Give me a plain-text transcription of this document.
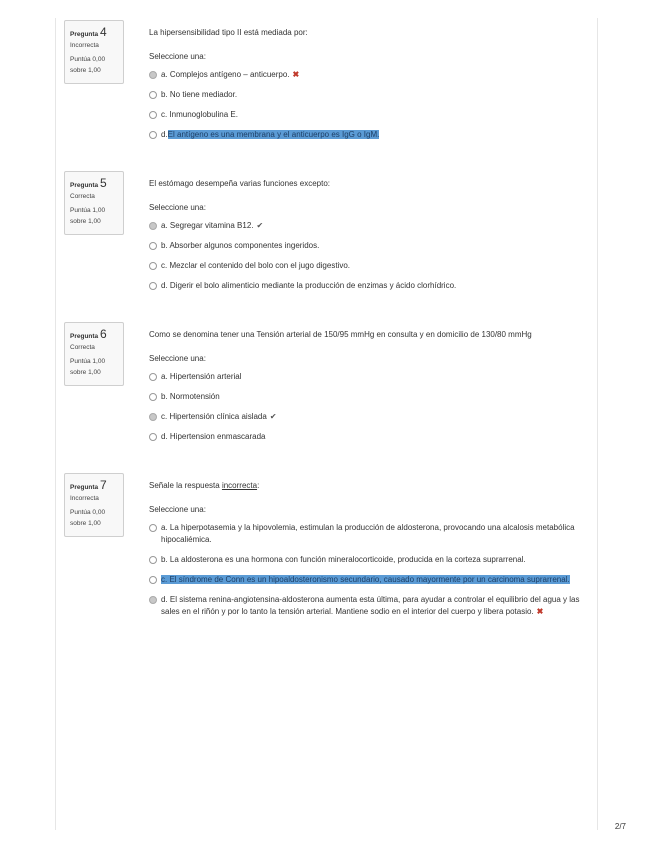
Pregunta 4
Incorrecta
Puntúa 0,00
sobre 1,00
La hipersensibilidad tipo II está mediada por:
Seleccione una:
a. Complejos antígeno – anticuerpo. ✖
b. No tiene mediador.
c. Inmunoglobulina E.
d.El antígeno es una membrana y el anticuerpo es IgG o IgM.
Pregunta 5
Correcta
Puntúa 1,00
sobre 1,00
El estómago desempeña varias funciones excepto:
Seleccione una:
a. Segregar vitamina B12. ✔
b. Absorber algunos componentes ingeridos.
c. Mezclar el contenido del bolo con el jugo digestivo.
d. Digerir el bolo alimenticio mediante la producción de enzimas y ácido clorhídrico.
Pregunta 6
Correcta
Puntúa 1,00
sobre 1,00
Como se denomina tener una Tensión arterial de 150/95 mmHg en consulta y en domicilio de 130/80 mmHg
Seleccione una:
a. Hipertensión arterial
b. Normotensión
c. Hipertensión clínica aislada ✔
d. Hipertension enmascarada
Pregunta 7
Incorrecta
Puntúa 0,00
sobre 1,00
Señale la respuesta incorrecta:
Seleccione una:
a. La hiperpotasemia y la hipovolemia, estimulan la producción de aldosterona, provocando una alcalosis metabólica hipocaliémica.
b. La aldosterona es una hormona con función mineralocorticoide, producida en la corteza suprarrenal.
c. El síndrome de Conn es un hipoaldosteronismo secundario, causado mayormente por un carcinoma suprarrenal.
d. El sistema renina-angiotensina-aldosterona aumenta esta última, para ayudar a controlar el equilibrio del agua y las sales en el riñón y por lo tanto la tensión arterial. Mantiene sodio en el interior del cuerpo y libera potasio. ✖
2/7
